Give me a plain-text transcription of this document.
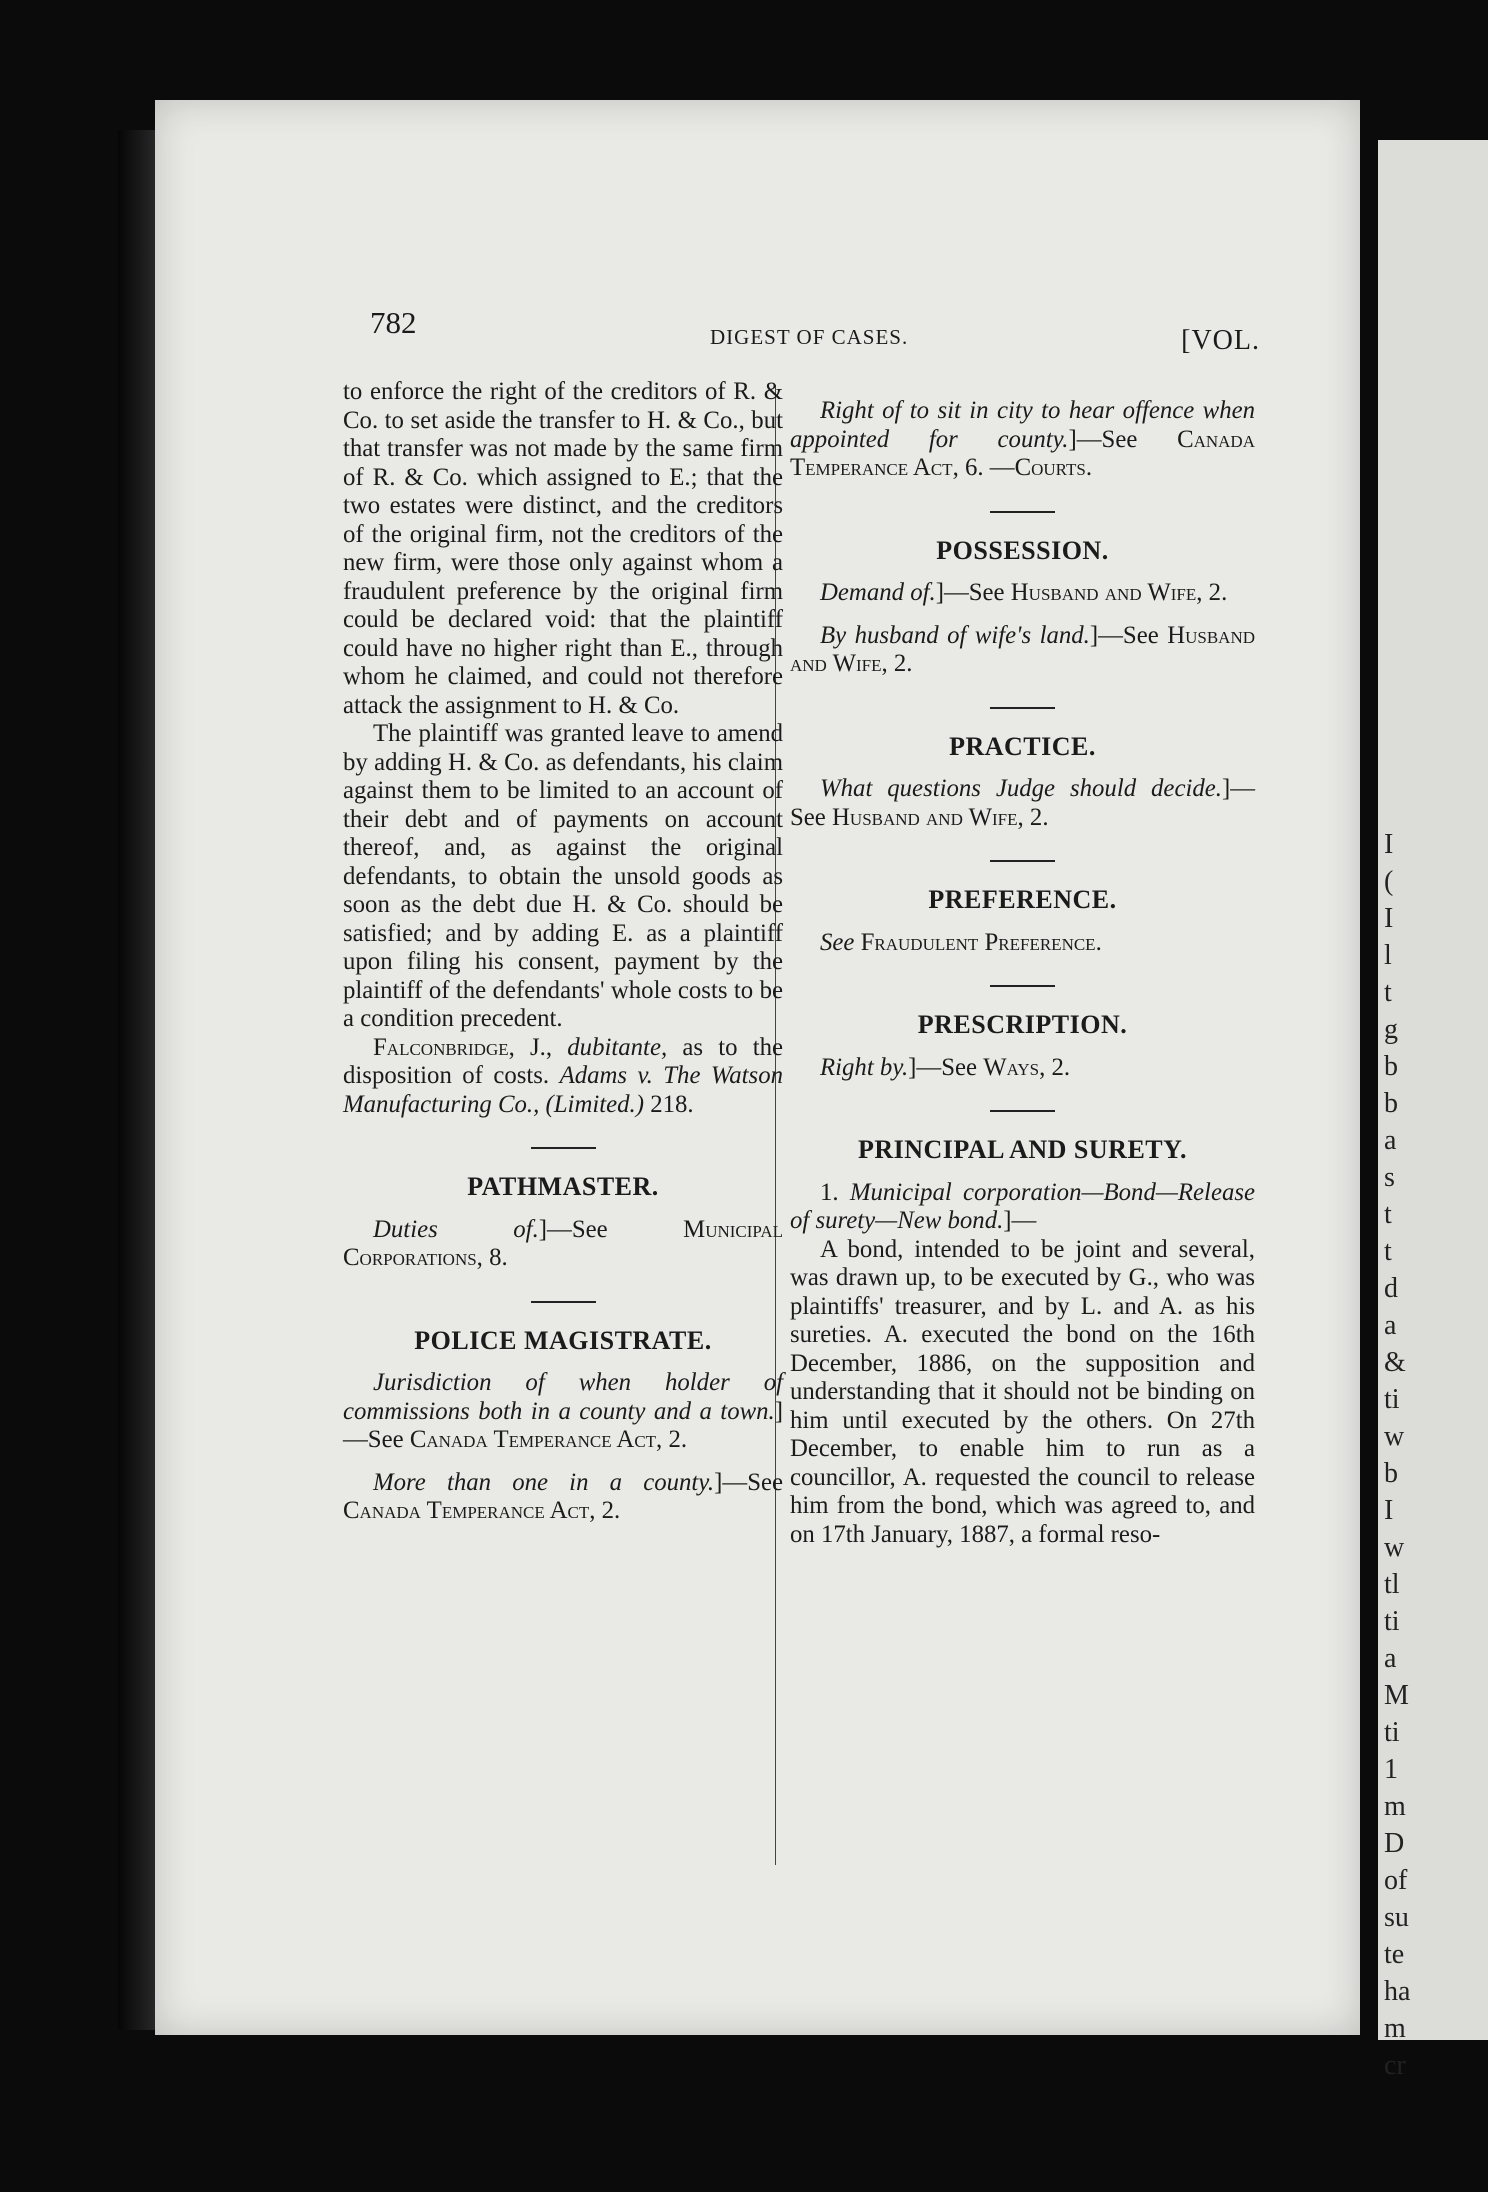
I
(
I
l
t
g
b
b
a
s
t
t
d
a
&
ti
w
b
I
w
tl
ti
a
M
ti
1
m
D
of
su
te
ha
m
cr
782	DIGEST OF CASES.	[VOL.

to enforce the right of the creditors of R. & Co. to set aside the transfer to H. & Co., but that transfer was not made by the same firm of R. & Co. which assigned to E.; that the two estates were distinct, and the creditors of the original firm, not the creditors of the new firm, were those only against whom a fraudulent preference by the original firm could be declared void: that the plaintiff could have no higher right than E., through whom he claimed, and could not therefore attack the assignment to H. & Co.

The plaintiff was granted leave to amend by adding H. & Co. as defendants, his claim against them to be limited to an account of their debt and of payments on account thereof, and, as against the original defendants, to obtain the unsold goods as soon as the debt due H. & Co. should be satisfied; and by adding E. as a plaintiff upon filing his consent, payment by the plaintiff of the defendants' whole costs to be a condition precedent.

Falconbridge, J., dubitante, as to the disposition of costs. Adams v. The Watson Manufacturing Co., (Limited.) 218.

PATHMASTER.

Duties of.]—See	Municipal Corporations, 8.

POLICE MAGISTRATE.

Jurisdiction of when holder of commissions both in a county and a town.]—See Canada Temperance Act, 2.

More than one in a county.]—See Canada Temperance Act, 2.

Right of to sit in city to hear offence when appointed for county.]—See Canada Temperance Act, 6. —Courts.

POSSESSION.

Demand of.]—See Husband and Wife, 2.

By husband of wife's land.]—See Husband and Wife, 2.

PRACTICE.

What questions Judge should decide.]—See Husband and Wife, 2.

PREFERENCE.

See Fraudulent Preference.

PRESCRIPTION.

Right by.]—See Ways, 2.

PRINCIPAL AND SURETY.

1. Municipal corporation—Bond—Release of surety—New bond.]—

A bond, intended to be joint and several, was drawn up, to be executed by G., who was plaintiffs' treasurer, and by L. and A. as his sureties. A. executed the bond on the 16th December, 1886, on the supposition and understanding that it should not be binding on him until executed by the others. On 27th December, to enable him to run as a councillor, A. requested the council to release him from the bond, which was agreed to, and on 17th January, 1887, a formal reso-
